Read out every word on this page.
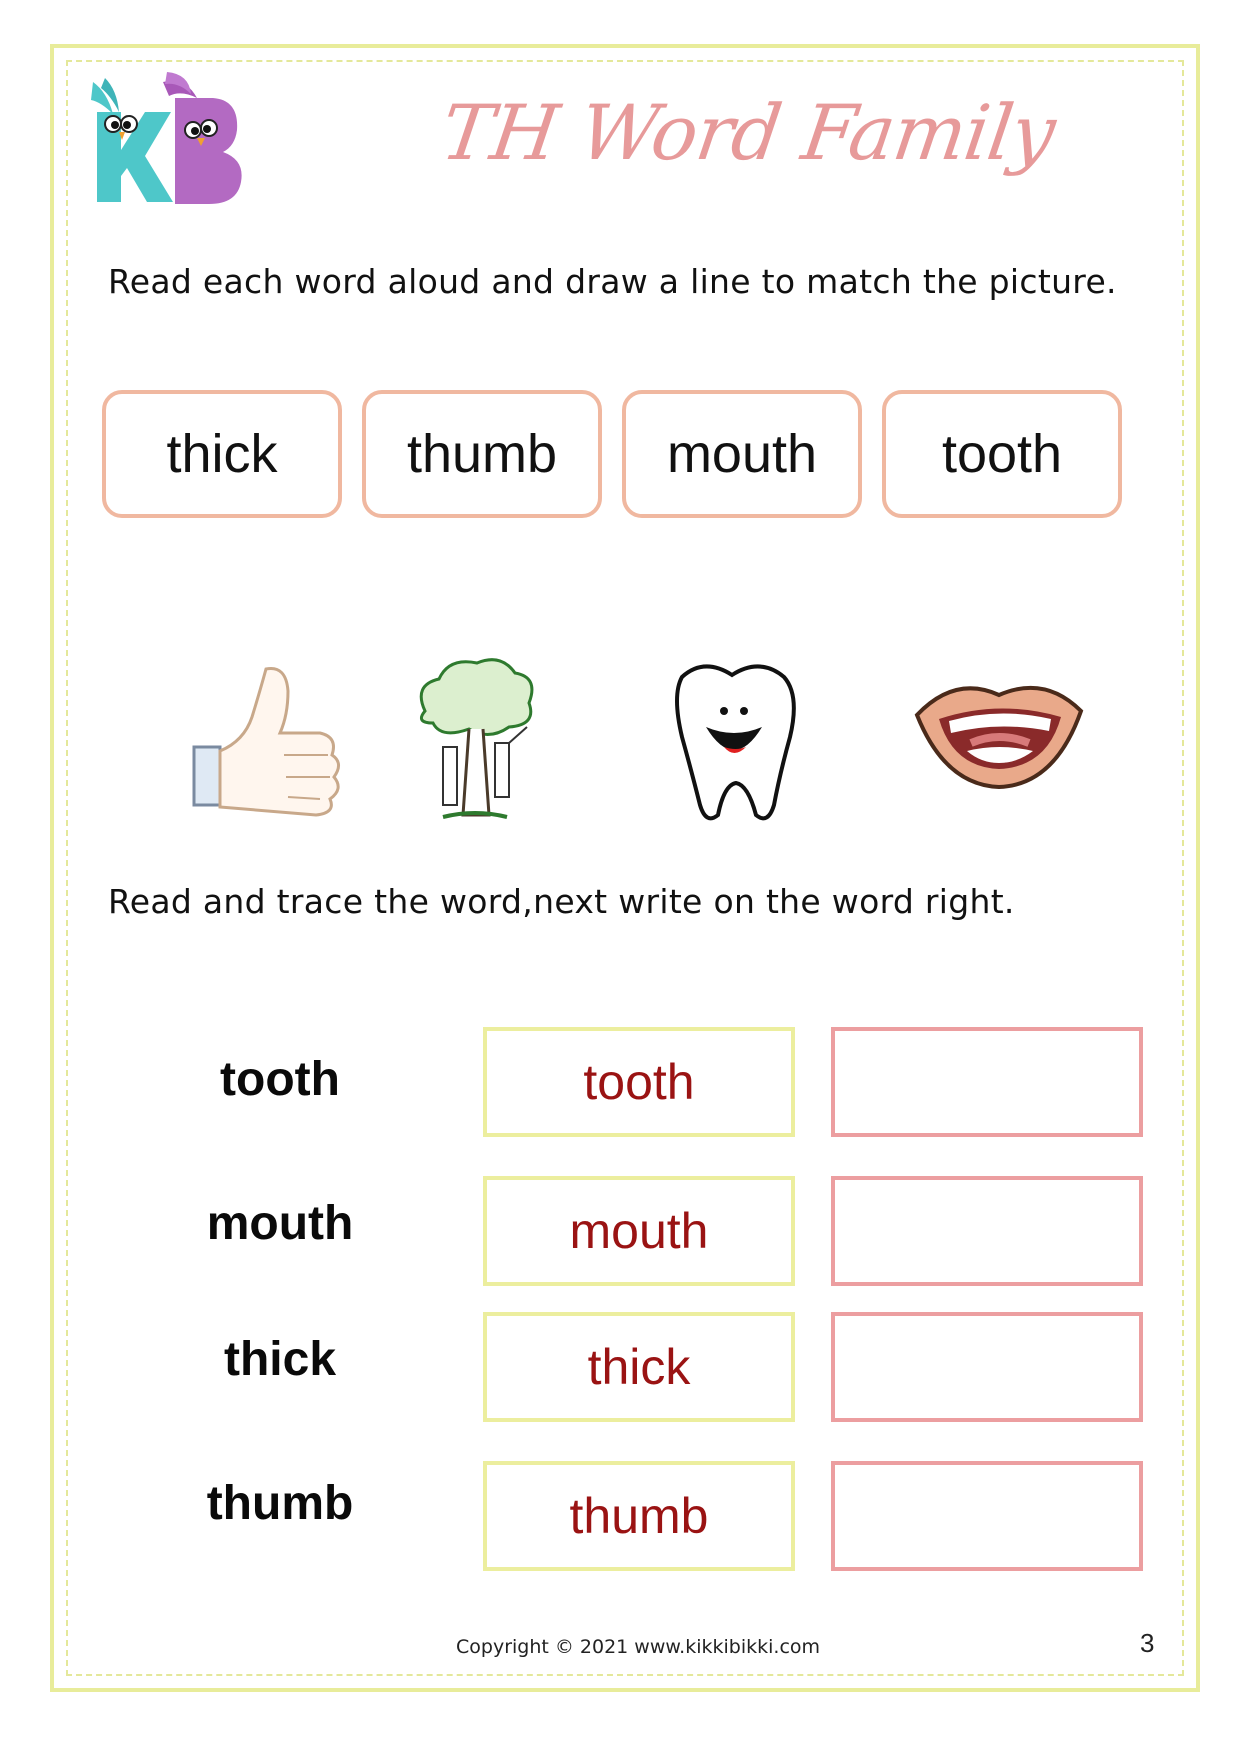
TH Word Family
Read each word aloud and draw a line to match the picture.
thick	thumb	mouth	tooth
Read and trace the word,next write on the word right.
tooth	tooth
mouth	mouth
thick	thick
thumb	thumb
Copyright © 2021 www.kikkibikki.com	3
